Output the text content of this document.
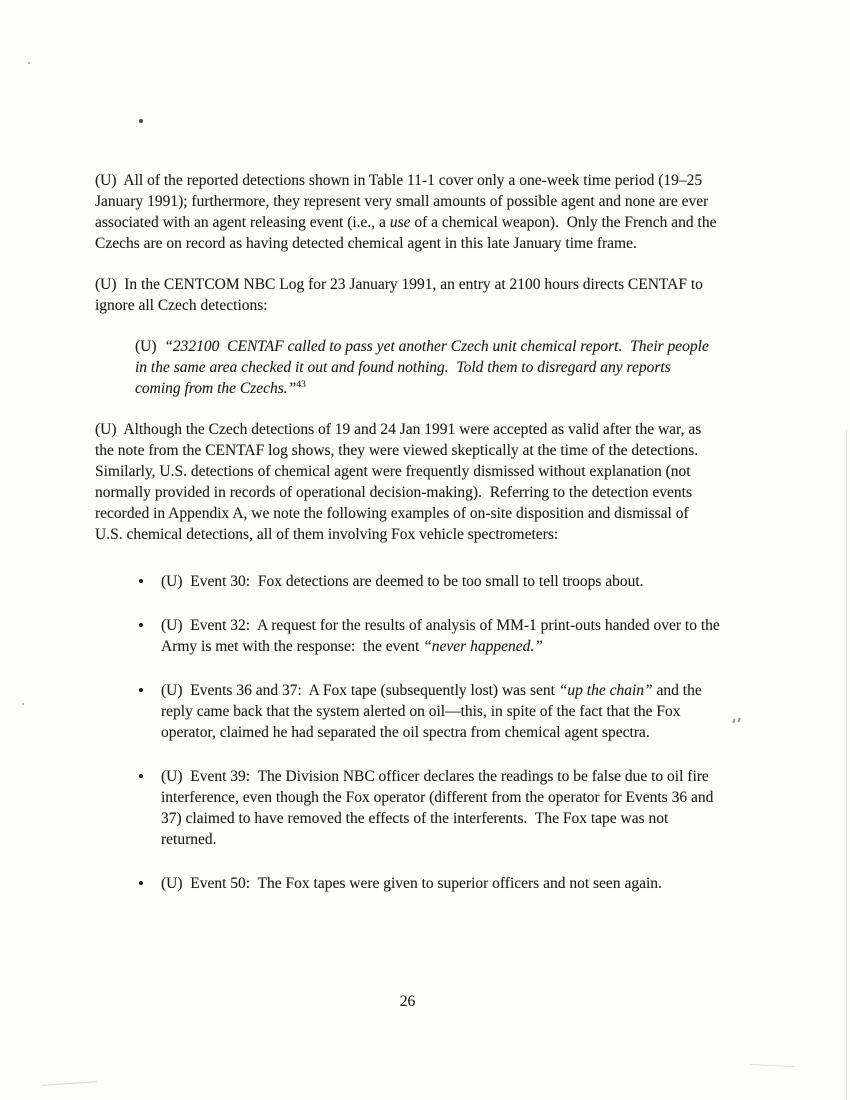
(U)  All of the reported detections shown in Table 11-1 cover only a one-week time period (19–25 January 1991); furthermore, they represent very small amounts of possible agent and none are ever associated with an agent releasing event (i.e., a use of a chemical weapon).  Only the French and the Czechs are on record as having detected chemical agent in this late January time frame.

(U)  In the CENTCOM NBC Log for 23 January 1991, an entry at 2100 hours directs CENTAF to ignore all Czech detections:

(U)  “232100  CENTAF called to pass yet another Czech unit chemical report.  Their people in the same area checked it out and found nothing.  Told them to disregard any reports coming from the Czechs.”$^{43}$

(U)  Although the Czech detections of 19 and 24 Jan 1991 were accepted as valid after the war, as the note from the CENTAF log shows, they were viewed skeptically at the time of the detections.  Similarly, U.S. detections of chemical agent were frequently dismissed without explanation (not normally provided in records of operational decision-making).  Referring to the detection events recorded in Appendix A, we note the following examples of on-site disposition and dismissal of U.S. chemical detections, all of them involving Fox vehicle spectrometers:

• (U)  Event 30:  Fox detections are deemed to be too small to tell troops about.
• (U)  Event 32:  A request for the results of analysis of MM-1 print-outs handed over to the Army is met with the response:  the event “never happened.”
• (U)  Events 36 and 37:  A Fox tape (subsequently lost) was sent “up the chain” and the reply came back that the system alerted on oil—this, in spite of the fact that the Fox operator, claimed he had separated the oil spectra from chemical agent spectra.
• (U)  Event 39:  The Division NBC officer declares the readings to be false due to oil fire interference, even though the Fox operator (different from the operator for Events 36 and 37) claimed to have removed the effects of the interferents.  The Fox tape was not returned.
• (U)  Event 50:  The Fox tapes were given to superior officers and not seen again.
26
